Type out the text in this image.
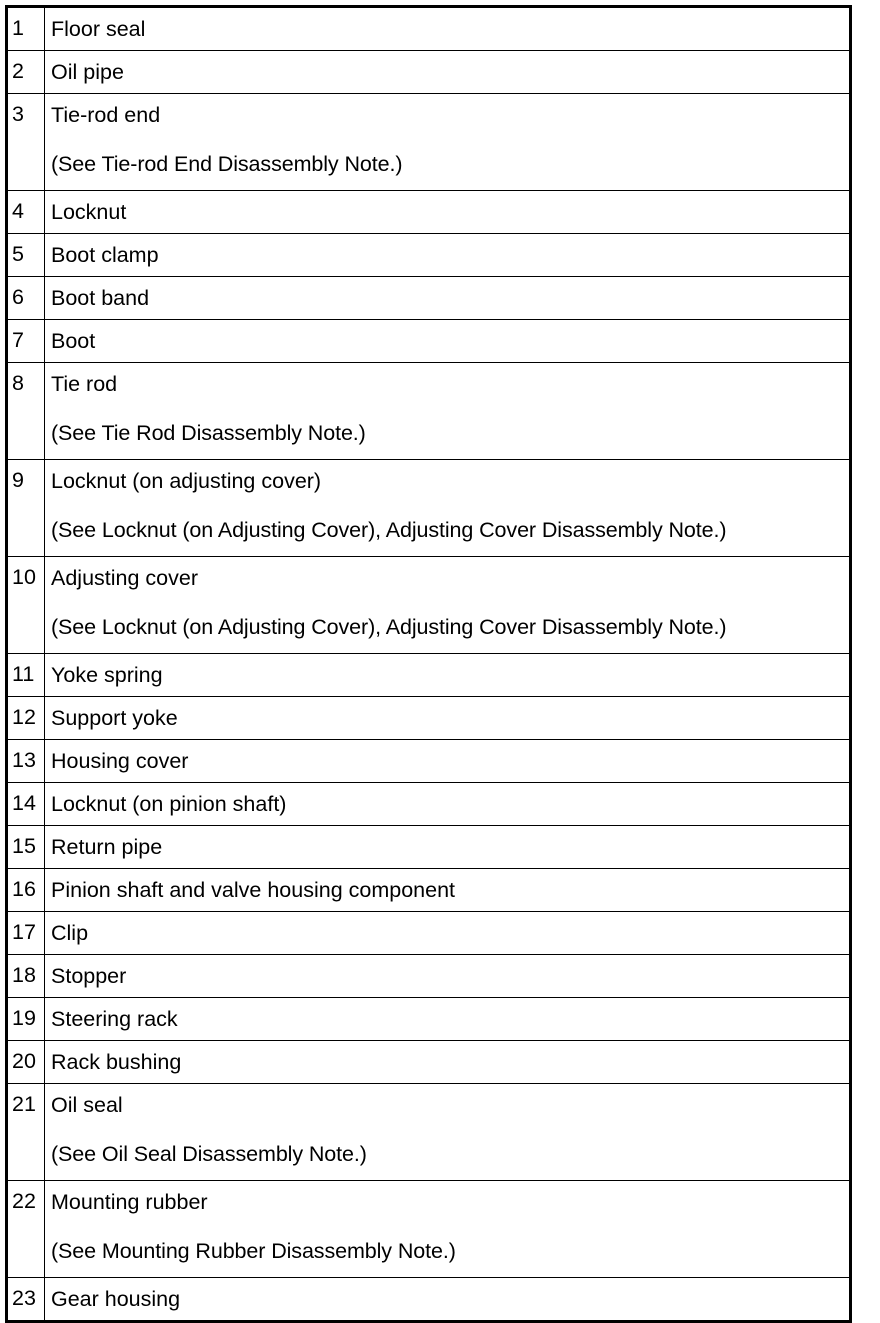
1	Floor seal

2	Oil pipe

3	Tie-rod end
(See Tie-rod End Disassembly Note.)

4	Locknut

5	Boot clamp

6	Boot band

7	Boot

8	Tie rod
(See Tie Rod Disassembly Note.)

9	Locknut (on adjusting cover)
(See Locknut (on Adjusting Cover), Adjusting Cover Disassembly Note.)

10	Adjusting cover
(See Locknut (on Adjusting Cover), Adjusting Cover Disassembly Note.)

11	Yoke spring

12	Support yoke

13	Housing cover

14	Locknut (on pinion shaft)

15	Return pipe

16	Pinion shaft and valve housing component

17	Clip

18	Stopper

19	Steering rack

20	Rack bushing

21	Oil seal
(See Oil Seal Disassembly Note.)

22	Mounting rubber
(See Mounting Rubber Disassembly Note.)

23	Gear housing
